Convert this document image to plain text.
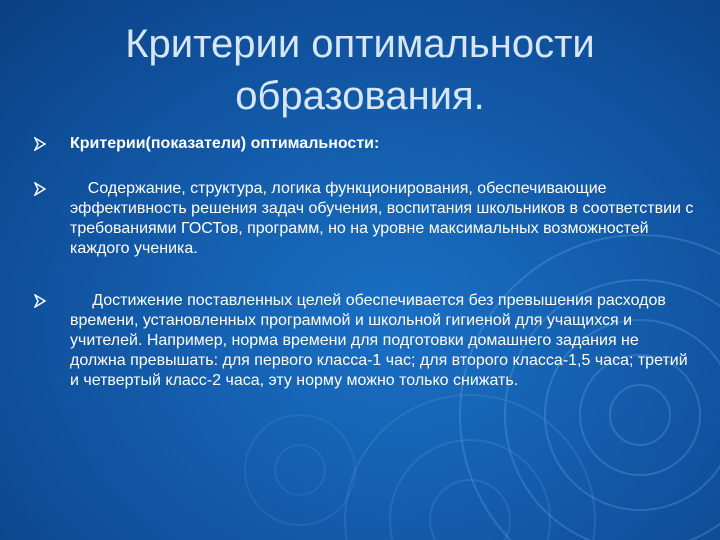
Критерии оптимальности образования.
Критерии(показатели) оптимальности:
Содержание, структура, логика функционирования, обеспечивающие эффективность решения задач обучения, воспитания школьников в соответствии с требованиями ГОСТов, программ, но на уровне максимальных возможностей каждого ученика.
Достижение поставленных целей обеспечивается без превышения расходов времени, установленных программой и школьной гигиеной для учащихся и учителей. Например, норма времени для подготовки домашнего задания не должна превышать: для первого класса-1 час; для второго класса-1,5 часа; третий и четвертый класс-2 часа, эту норму можно только снижать.
